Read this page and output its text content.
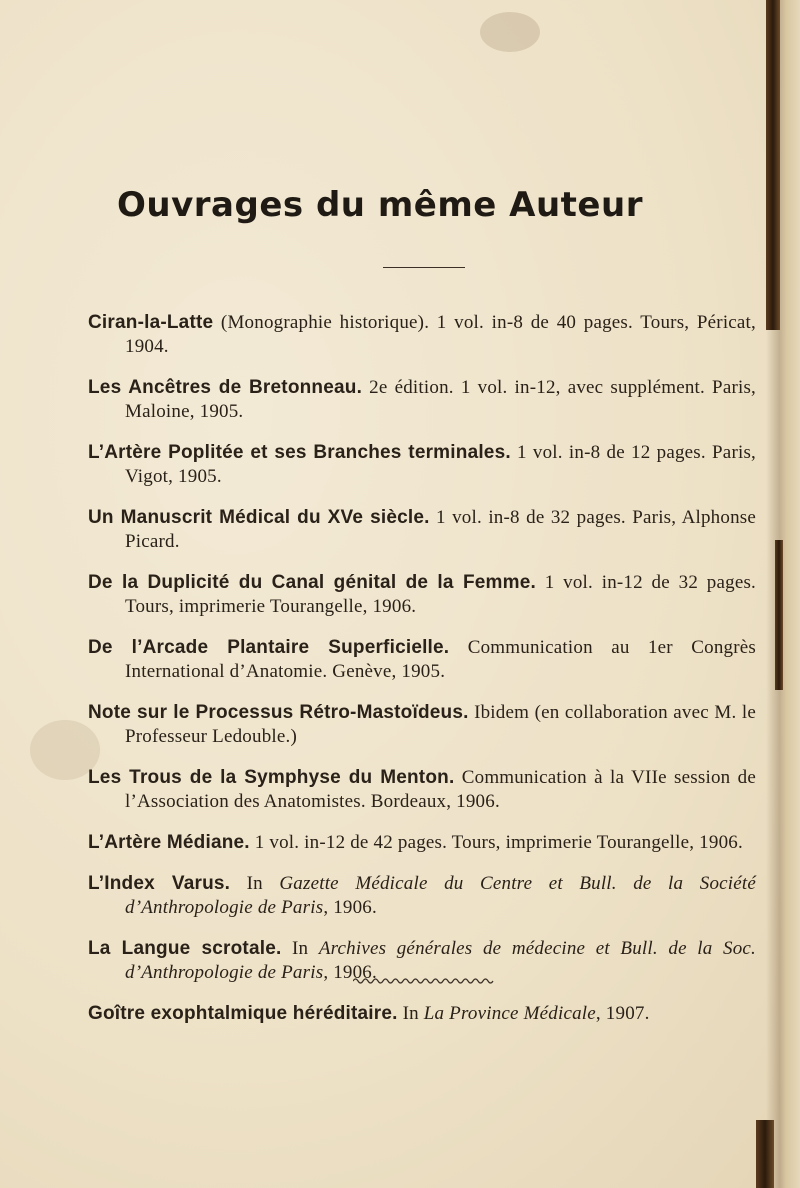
Ouvrages du même Auteur
Ciran-la-Latte (Monographie historique). 1 vol. in-8 de 40 pages. Tours, Péricat, 1904.
Les Ancêtres de Bretonneau. 2e édition. 1 vol. in-12, avec supplément. Paris, Maloine, 1905.
L’Artère Poplitée et ses Branches terminales. 1 vol. in-8 de 12 pages. Paris, Vigot, 1905.
Un Manuscrit Médical du XVe siècle. 1 vol. in-8 de 32 pages. Paris, Alphonse Picard.
De la Duplicité du Canal génital de la Femme. 1 vol. in-12 de 32 pages. Tours, imprimerie Tourangelle, 1906.
De l’Arcade Plantaire Superficielle. Communication au 1er Congrès International d’Anatomie. Genève, 1905.
Note sur le Processus Rétro-Mastoïdeus. Ibidem (en collaboration avec M. le Professeur Ledouble.)
Les Trous de la Symphyse du Menton. Communication à la VIIe session de l’Association des Anatomistes. Bordeaux, 1906.
L’Artère Médiane. 1 vol. in-12 de 42 pages. Tours, imprimerie Tourangelle, 1906.
L’Index Varus. In Gazette Médicale du Centre et Bull. de la Société d’Anthropologie de Paris, 1906.
La Langue scrotale. In Archives générales de médecine et Bull. de la Soc. d’Anthropologie de Paris, 1906.
Goître exophtalmique héréditaire. In La Province Médicale, 1907.
